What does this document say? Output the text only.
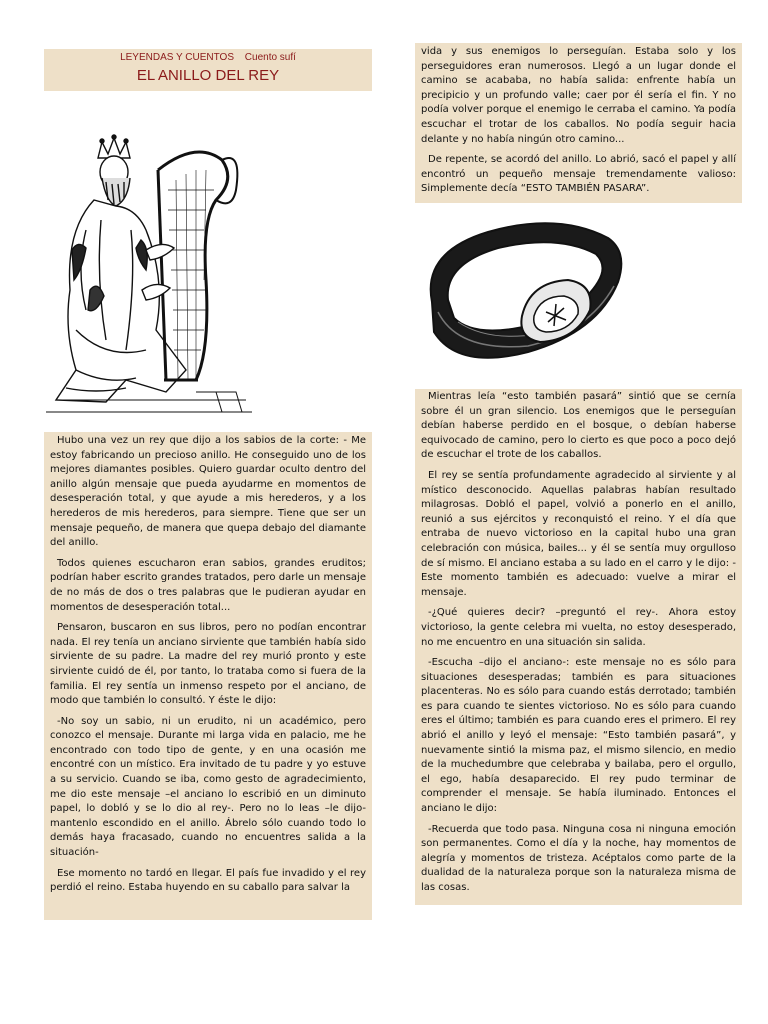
LEYENDAS Y CUENTOS Cuento sufí
EL ANILLO DEL REY

Hubo una vez un rey que dijo a los sabios de la corte: - Me estoy fabricando un precioso anillo. He conseguido uno de los mejores diamantes posibles. Quiero guardar oculto dentro del anillo algún mensaje que pueda ayudarme en momentos de desesperación total, y que ayude a mis herederos, y a los herederos de mis herederos, para siempre. Tiene que ser un mensaje pequeño, de manera que quepa debajo del diamante del anillo.

Todos quienes escucharon eran sabios, grandes eruditos; podrían haber escrito grandes tratados, pero darle un mensaje de no más de dos o tres palabras que le pudieran ayudar en momentos de desesperación total...

Pensaron, buscaron en sus libros, pero no podían encontrar nada. El rey tenía un anciano sirviente que también había sido sirviente de su padre. La madre del rey murió pronto y este sirviente cuidó de él, por tanto, lo trataba como si fuera de la familia. El rey sentía un inmenso respeto por el anciano, de modo que también lo consultó. Y éste le dijo:

-No soy un sabio, ni un erudito, ni un académico, pero conozco el mensaje. Durante mi larga vida en palacio, me he encontrado con todo tipo de gente, y en una ocasión me encontré con un místico. Era invitado de tu padre y yo estuve a su servicio. Cuando se iba, como gesto de agradecimiento, me dio este mensaje –el anciano lo escribió en un diminuto papel, lo dobló y se lo dio al rey-. Pero no lo leas –le dijo- mantenlo escondido en el anillo. Ábrelo sólo cuando todo lo demás haya fracasado, cuando no encuentres salida a la situación-

Ese momento no tardó en llegar. El país fue invadido y el rey perdió el reino. Estaba huyendo en su caballo para salvar la

vida y sus enemigos lo perseguían. Estaba solo y los perseguidores eran numerosos. Llegó a un lugar donde el camino se acababa, no había salida: enfrente había un precipicio y un profundo valle; caer por él sería el fin. Y no podía volver porque el enemigo le cerraba el camino. Ya podía escuchar el trotar de los caballos. No podía seguir hacia delante y no había ningún otro camino...

De repente, se acordó del anillo. Lo abrió, sacó el papel y allí encontró un pequeño mensaje tremendamente valioso: Simplemente decía “ESTO TAMBIÉN PASARA”.

Mientras leía “esto también pasará” sintió que se cernía sobre él un gran silencio. Los enemigos que le perseguían debían haberse perdido en el bosque, o debían haberse equivocado de camino, pero lo cierto es que poco a poco dejó de escuchar el trote de los caballos.

El rey se sentía profundamente agradecido al sirviente y al místico desconocido. Aquellas palabras habían resultado milagrosas. Dobló el papel, volvió a ponerlo en el anillo, reunió a sus ejércitos y reconquistó el reino. Y el día que entraba de nuevo victorioso en la capital hubo una gran celebración con música, bailes... y él se sentía muy orgulloso de sí mismo. El anciano estaba a su lado en el carro y le dijo: -Este momento también es adecuado: vuelve a mirar el mensaje.

-¿Qué quieres decir? –preguntó el rey-. Ahora estoy victorioso, la gente celebra mi vuelta, no estoy desesperado, no me encuentro en una situación sin salida.

-Escucha –dijo el anciano-: este mensaje no es sólo para situaciones desesperadas; también es para situaciones placenteras. No es sólo para cuando estás derrotado; también es para cuando te sientes victorioso. No es sólo para cuando eres el último; también es para cuando eres el primero. El rey abrió el anillo y leyó el mensaje: “Esto también pasará”, y nuevamente sintió la misma paz, el mismo silencio, en medio de la muchedumbre que celebraba y bailaba, pero el orgullo, el ego, había desaparecido. El rey pudo terminar de comprender el mensaje. Se había iluminado. Entonces el anciano le dijo:

-Recuerda que todo pasa. Ninguna cosa ni ninguna emoción son permanentes. Como el día y la noche, hay momentos de alegría y momentos de tristeza. Acéptalos como parte de la dualidad de la naturaleza porque son la naturaleza misma de las cosas.
